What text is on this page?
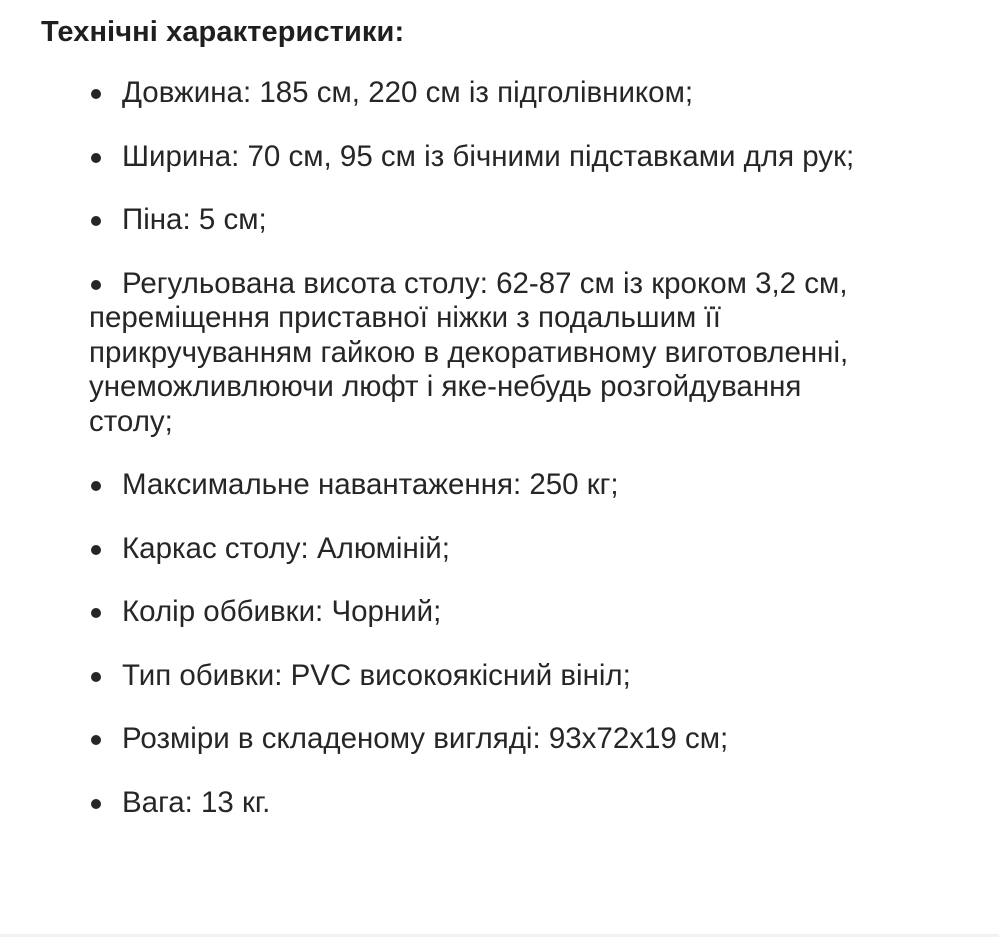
Технічні характеристики:
Довжина: 185 см, 220 см із підголівником;
Ширина: 70 см, 95 см із бічними підставками для рук;
Піна: 5 см;
Регульована висота столу: 62-87 см із кроком 3,2 см, переміщення приставної ніжки з подальшим її прикручуванням гайкою в декоративному виготовленні, унеможливлюючи люфт і яке-небудь розгойдування столу;
Максимальне навантаження: 250 кг;
Каркас столу: Алюміній;
Колір оббивки: Чорний;
Тип обивки: PVC високоякісний вініл;
Розміри в складеному вигляді: 93х72х19 см;
Вага: 13 кг.
